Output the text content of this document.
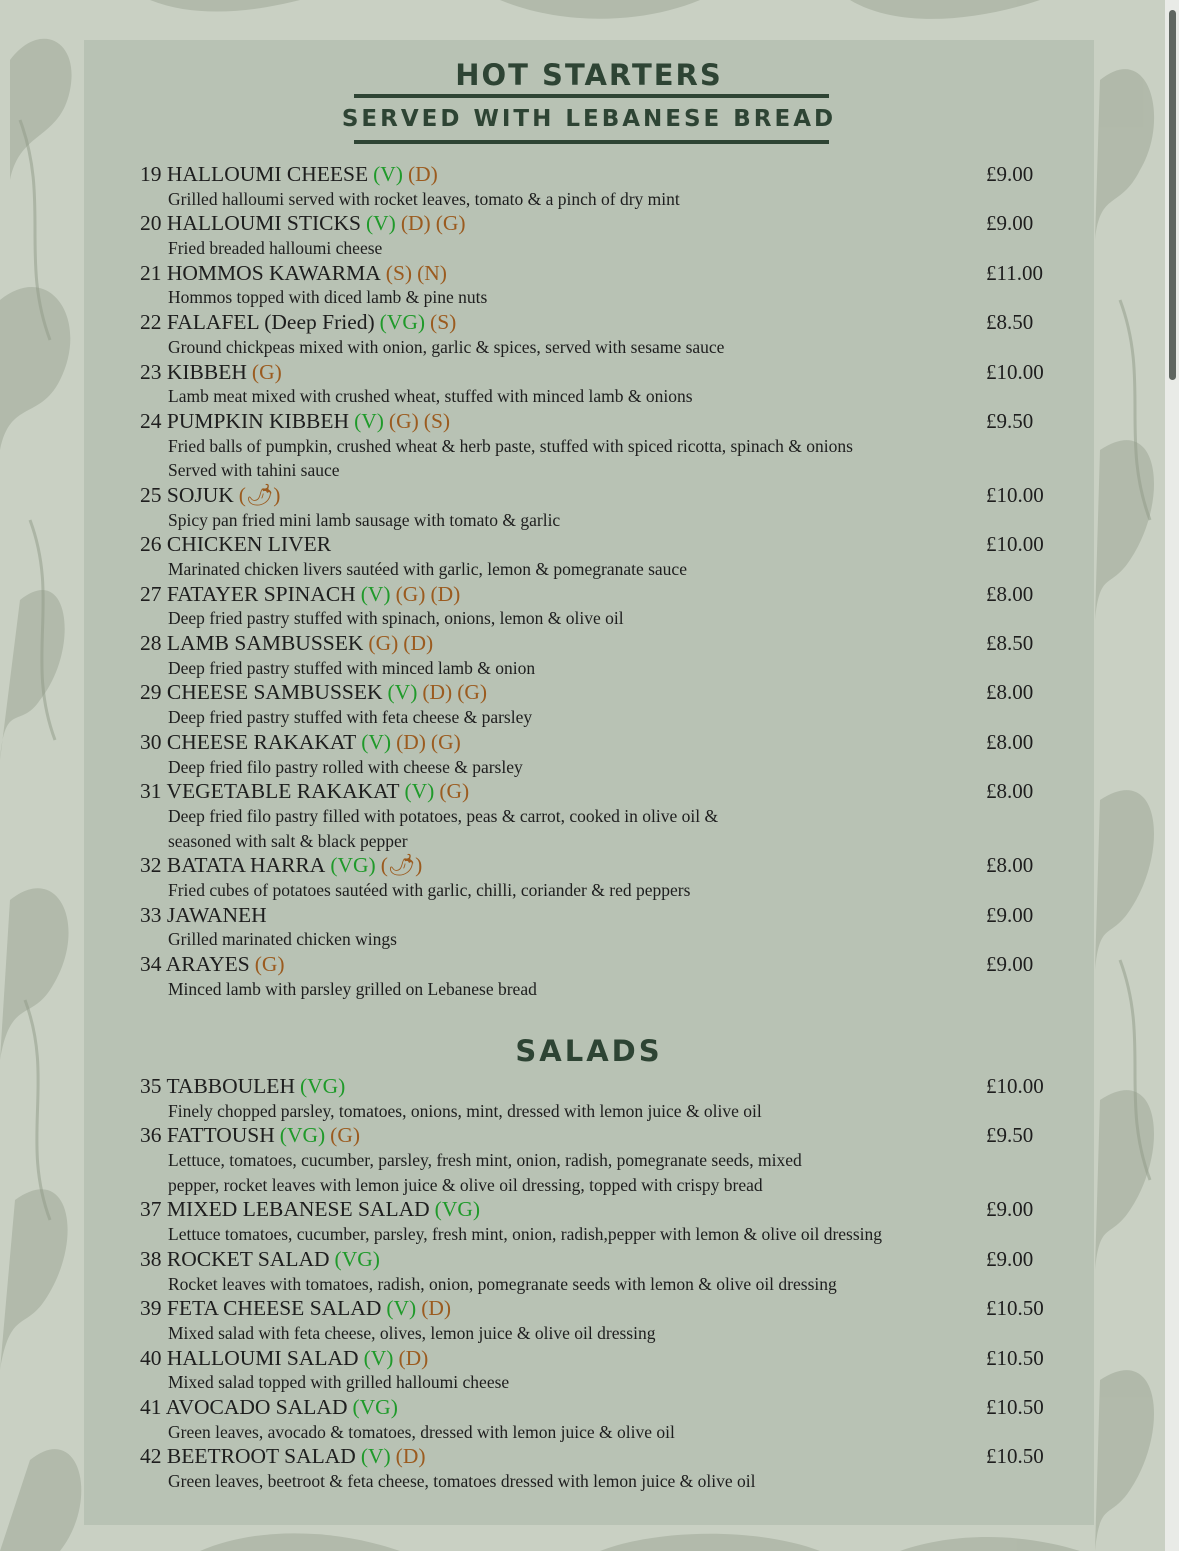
HOT STARTERS
SERVED WITH LEBANESE BREAD
19 HALLOUMI CHEESE (V) (D)	£9.00
Grilled halloumi served with rocket leaves, tomato & a pinch of dry mint
20 HALLOUMI STICKS (V) (D) (G)	£9.00
Fried breaded halloumi cheese
21 HOMMOS KAWARMA (S) (N)	£11.00
Hommos topped with diced lamb & pine nuts
22 FALAFEL (Deep Fried) (VG) (S)	£8.50
Ground chickpeas mixed with onion, garlic & spices, served with sesame sauce
23 KIBBEH (G)	£10.00
Lamb meat mixed with crushed wheat, stuffed with minced lamb & onions
24 PUMPKIN KIBBEH (V) (G) (S)	£9.50
Fried balls of pumpkin, crushed wheat & herb paste, stuffed with spiced ricotta, spinach & onions
Served with tahini sauce
25 SOJUK (🌶)	£10.00
Spicy pan fried mini lamb sausage with tomato & garlic
26 CHICKEN LIVER	£10.00
Marinated chicken livers sautéed with garlic, lemon & pomegranate sauce
27 FATAYER SPINACH (V) (G) (D)	£8.00
Deep fried pastry stuffed with spinach, onions, lemon & olive oil
28 LAMB SAMBUSSEK (G) (D)	£8.50
Deep fried pastry stuffed with minced lamb & onion
29 CHEESE SAMBUSSEK (V) (D) (G)	£8.00
Deep fried pastry stuffed with feta cheese & parsley
30 CHEESE RAKAKAT (V) (D) (G)	£8.00
Deep fried filo pastry rolled with cheese & parsley
31 VEGETABLE RAKAKAT (V) (G)	£8.00
Deep fried filo pastry filled with potatoes, peas & carrot, cooked in olive oil &
seasoned with salt & black pepper
32 BATATA HARRA (VG) (🌶)	£8.00
Fried cubes of potatoes sautéed with garlic, chilli, coriander & red peppers
33 JAWANEH	£9.00
Grilled marinated chicken wings
34 ARAYES (G)	£9.00
Minced lamb with parsley grilled on Lebanese bread
SALADS
35 TABBOULEH (VG)	£10.00
Finely chopped parsley, tomatoes, onions, mint, dressed with lemon juice & olive oil
36 FATTOUSH (VG) (G)	£9.50
Lettuce, tomatoes, cucumber, parsley, fresh mint, onion, radish, pomegranate seeds, mixed
pepper, rocket leaves with lemon juice & olive oil dressing, topped with crispy bread
37 MIXED LEBANESE SALAD (VG)	£9.00
Lettuce tomatoes, cucumber, parsley, fresh mint, onion, radish,pepper with lemon & olive oil dressing
38 ROCKET SALAD (VG)	£9.00
Rocket leaves with tomatoes, radish, onion, pomegranate seeds with lemon & olive oil dressing
39 FETA CHEESE SALAD (V) (D)	£10.50
Mixed salad with feta cheese, olives, lemon juice & olive oil dressing
40 HALLOUMI SALAD (V) (D)	£10.50
Mixed salad topped with grilled halloumi cheese
41 AVOCADO SALAD (VG)	£10.50
Green leaves, avocado & tomatoes, dressed with lemon juice & olive oil
42 BEETROOT SALAD (V) (D)	£10.50
Green leaves, beetroot & feta cheese, tomatoes dressed with lemon juice & olive oil
